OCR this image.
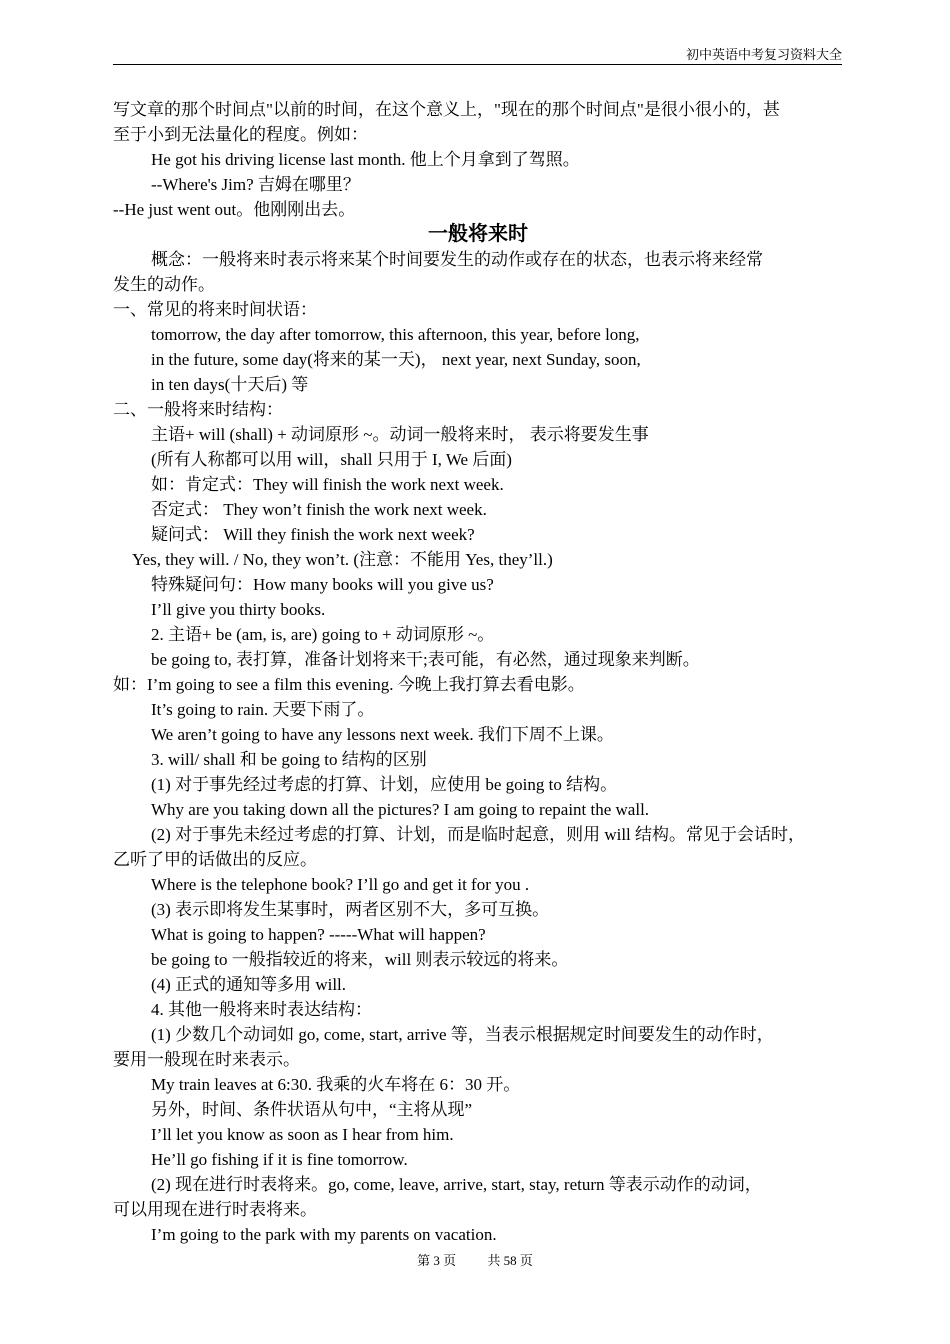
初中英语中考复习资料大全
写文章的那个时间点"以前的时间，在这个意义上，"现在的那个时间点"是很小很小的，甚
至于小到无法量化的程度。例如：
He got his driving license last month. 他上个月拿到了驾照。
--Where's Jim? 吉姆在哪里？
--He just went out。他刚刚出去。
一般将来时
概念：一般将来时表示将来某个时间要发生的动作或存在的状态，也表示将来经常
发生的动作。
一、常见的将来时间状语：
tomorrow, the day after tomorrow, this afternoon, this year, before long,
in the future, some day(将来的某一天)， next year, next Sunday, soon,
in ten days(十天后) 等
二、一般将来时结构：
主语+ will (shall) + 动词原形 ~。动词一般将来时， 表示将要发生事
(所有人称都可以用 will，shall 只用于 I, We 后面)
如：肯定式：They will finish the work next week.
否定式： They won’t finish the work next week.
疑问式： Will they finish the work next week?
Yes, they will. / No, they won’t. (注意：不能用 Yes, they’ll.)
特殊疑问句：How many books will you give us?
I’ll give you thirty books.
2. 主语+ be (am, is, are) going to + 动词原形 ~。
be going to, 表打算，准备计划将来干;表可能，有必然，通过现象来判断。
如：I’m going to see a film this evening. 今晚上我打算去看电影。
It’s going to rain. 天要下雨了。
We aren’t going to have any lessons next week. 我们下周不上课。
3. will/ shall 和 be going to 结构的区别
(1) 对于事先经过考虑的打算、计划，应使用 be going to 结构。
Why are you taking down all the pictures? I am going to repaint the wall.
(2) 对于事先未经过考虑的打算、计划，而是临时起意，则用 will 结构。常见于会话时，
乙听了甲的话做出的反应。
Where is the telephone book? I’ll go and get it for you .
(3) 表示即将发生某事时，两者区别不大，多可互换。
What is going to happen? -----What will happen?
be going to 一般指较近的将来，will 则表示较远的将来。
(4) 正式的通知等多用 will.
4. 其他一般将来时表达结构：
(1) 少数几个动词如 go, come, start, arrive 等，当表示根据规定时间要发生的动作时，
要用一般现在时来表示。
My train leaves at 6:30. 我乘的火车将在 6：30 开。
另外，时间、条件状语从句中，“主将从现”
I’ll let you know as soon as I hear from him.
He’ll go fishing if it is fine tomorrow.
(2) 现在进行时表将来。go, come, leave, arrive, start, stay, return 等表示动作的动词，
可以用现在进行时表将来。
I’m going to the park with my parents on vacation.
第 3 页 共 58 页
